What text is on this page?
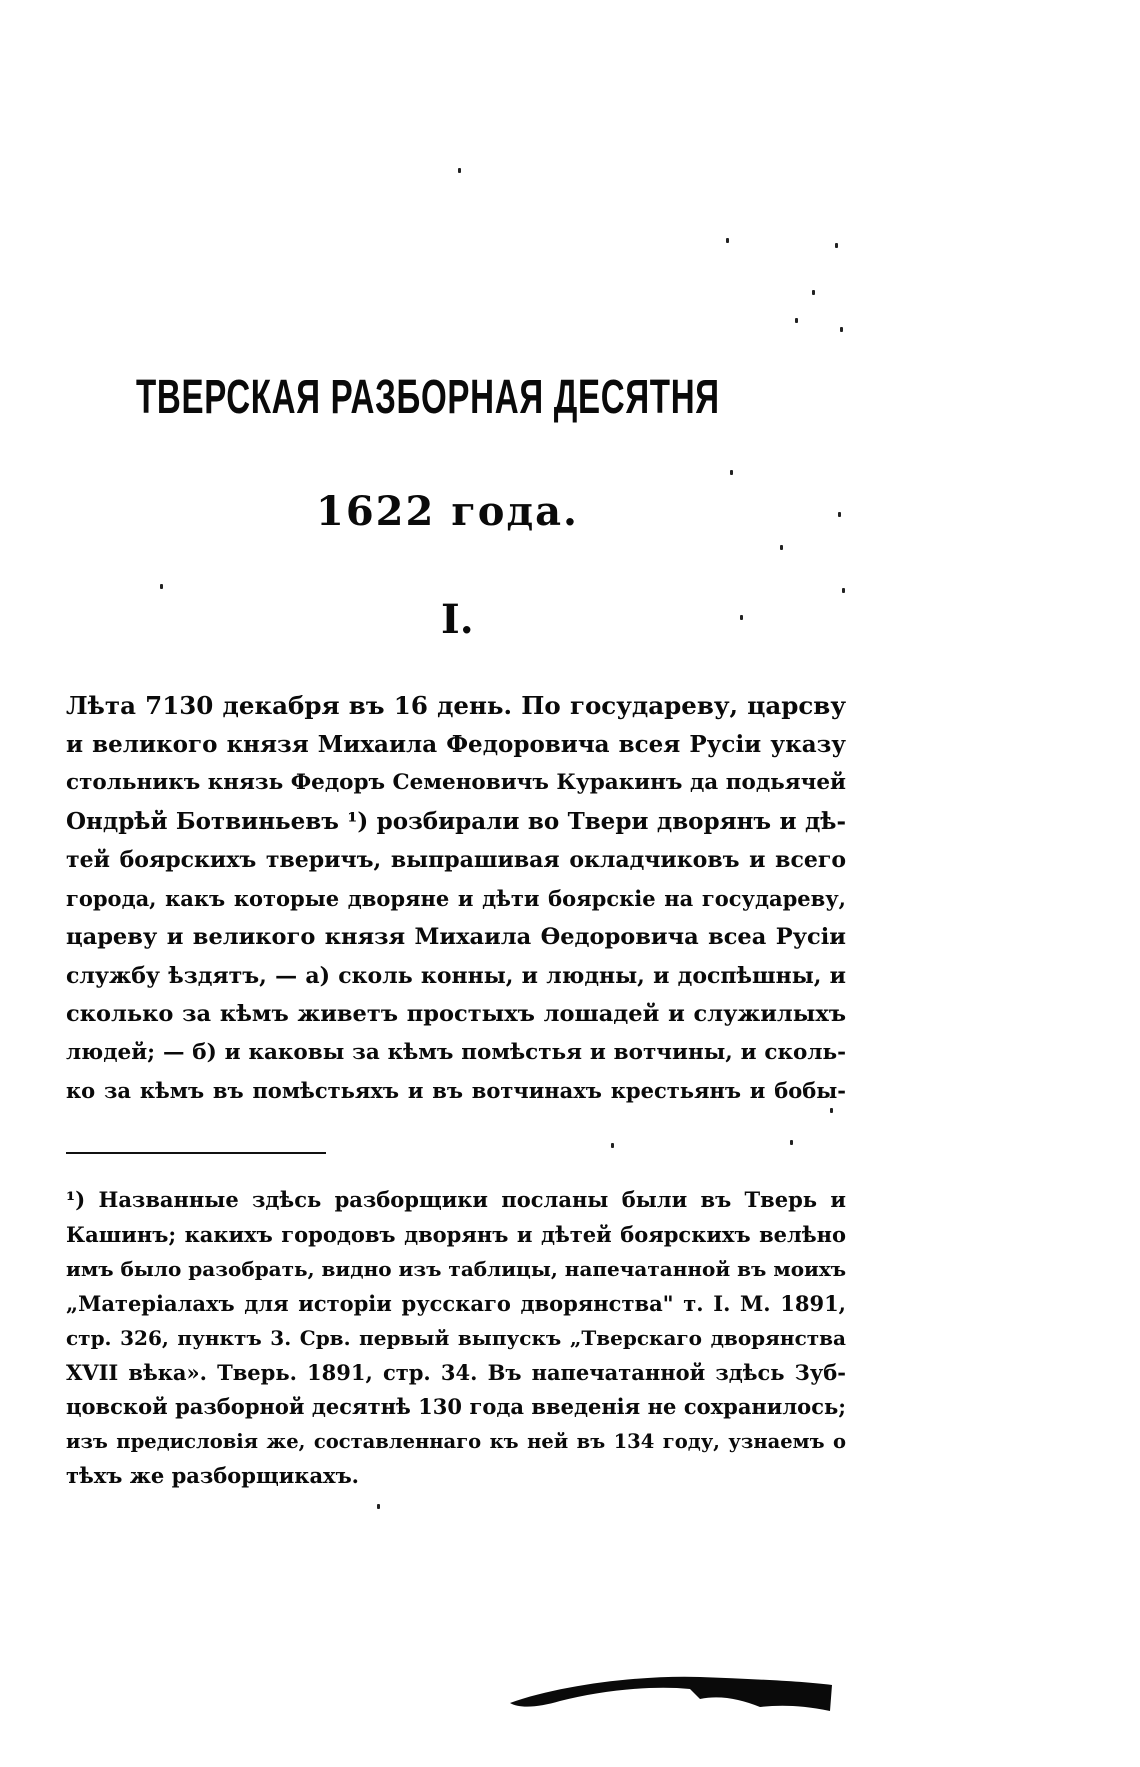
ТВЕРСКАЯ РАЗБОРНАЯ ДЕСЯТНЯ
1622 года.
I.
Лѣта 7130 декабря въ 16 день. По государеву, царсву
и великого князя Михаила Федоровича всея Русіи указу
стольникъ князь Федоръ Семеновичъ Куракинъ да подьячей
Ондрѣй Ботвиньевъ ¹) розбирали во Твери дворянъ и дѣ-
тей боярскихъ тверичъ, выпрашивая окладчиковъ и всего
города, какъ которые дворяне и дѣти боярскіе на государеву,
цареву и великого князя Михаила Ѳедоровича всеа Русіи
службу ѣздятъ, — а) сколь конны, и людны, и доспѣшны, и
сколько за кѣмъ живетъ простыхъ лошадей и служилыхъ
людей; — б) и каковы за кѣмъ помѣстья и вотчины, и сколь-
ко за кѣмъ въ помѣстьяхъ и въ вотчинахъ крестьянъ и бобы-
¹) Названные здѣсь разборщики посланы были въ Тверь и
Кашинъ; какихъ городовъ дворянъ и дѣтей боярскихъ велѣно
имъ было разобрать, видно изъ таблицы, напечатанной въ моихъ
„Матеріалахъ для исторіи русскаго дворянства" т. I. М. 1891,
стр. 326, пунктъ 3. Срв. первый выпускъ „Тверскаго дворянства
XVII вѣка». Тверь. 1891, стр. 34. Въ напечатанной здѣсь Зуб-
цовской разборной десятнѣ 130 года введенія не сохранилось;
изъ предисловія же, составленнаго къ ней въ 134 году, узнаемъ о
тѣхъ же разборщикахъ.
